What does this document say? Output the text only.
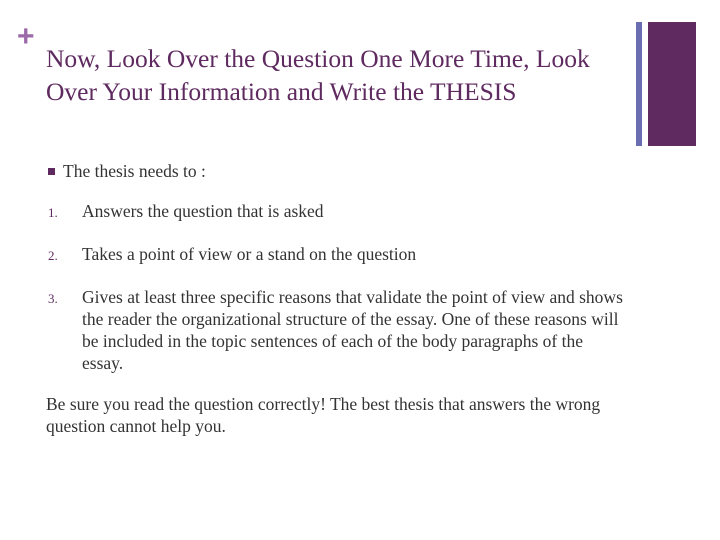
+
Now, Look Over the Question One More Time, Look Over Your Information and Write the THESIS
The thesis needs to :
1.	Answers the question that is asked
2.	Takes a point of view or a stand on the question
3.	Gives at least three specific reasons that validate the point of view and shows the reader the organizational structure of the essay. One of these reasons will be included in the topic sentences of each of the body paragraphs of the essay.

Be sure you read the question correctly! The best thesis that answers the wrong question cannot help you.
